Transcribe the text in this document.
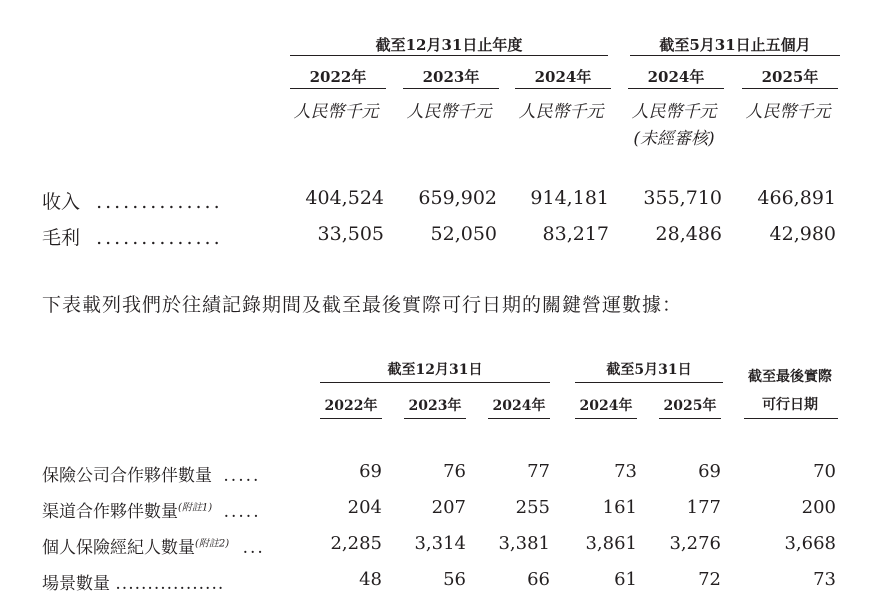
截至12月31日止年度	截至5月31日止五個月
2022年	2023年	2024年	2024年	2025年
人民幣千元	人民幣千元	人民幣千元	人民幣千元	人民幣千元
(未經審核)
收入 ..............	404,524	659,902	914,181	355,710	466,891
毛利 ..............	33,505	52,050	83,217	28,486	42,980
下表載列我們於往績記錄期間及截至最後實際可行日期的關鍵營運數據：
截至12月31日	截至5月31日	截至最後實際
可行日期
2022年	2023年	2024年	2024年	2025年
保險公司合作夥伴數量 .....	69	76	77	73	69	70
渠道合作夥伴數量$^{(附註1)}$ .....	204	207	255	161	177	200
個人保險經紀人數量$^{(附註2)}$ ...	2,285	3,314	3,381	3,861	3,276	3,668
場景數量 .................	48	56	66	61	72	73
